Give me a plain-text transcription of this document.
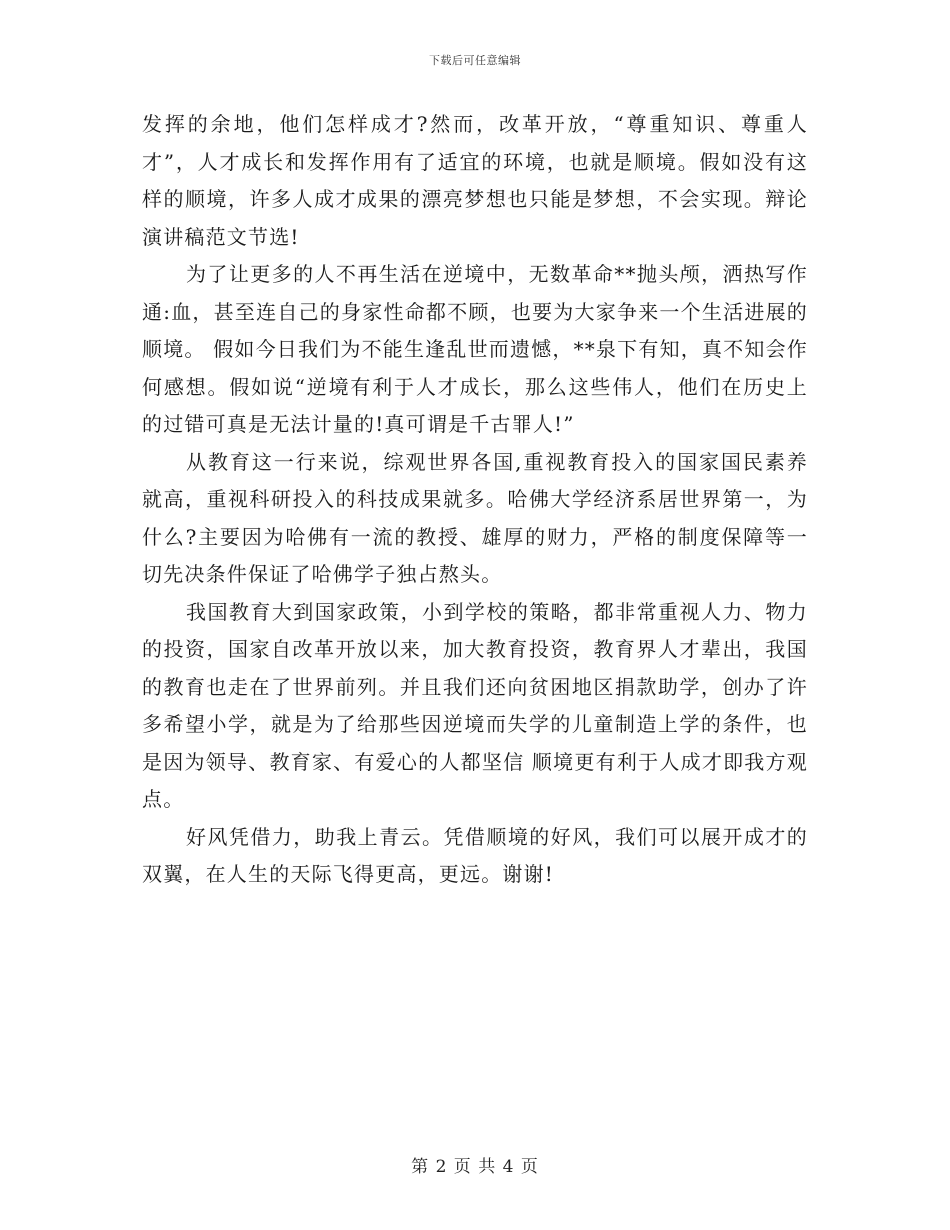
下载后可任意编辑

发挥的余地，他们怎样成才?然而，改革开放，“尊重知识、尊重人才”，人才成长和发挥作用有了适宜的环境，也就是顺境。假如没有这样的顺境，许多人成才成果的漂亮梦想也只能是梦想，不会实现。辩论演讲稿范文节选!

为了让更多的人不再生活在逆境中，无数革命**抛头颅，洒热写作通:血，甚至连自己的身家性命都不顾，也要为大家争来一个生活进展的顺境。 假如今日我们为不能生逢乱世而遗憾，**泉下有知，真不知会作何感想。假如说“逆境有利于人才成长，那么这些伟人，他们在历史上的过错可真是无法计量的!真可谓是千古罪人!”

从教育这一行来说，综观世界各国,重视教育投入的国家国民素养就高，重视科研投入的科技成果就多。哈佛大学经济系居世界第一，为什么?主要因为哈佛有一流的教授、雄厚的财力，严格的制度保障等一切先决条件保证了哈佛学子独占熬头。

我国教育大到国家政策，小到学校的策略，都非常重视人力、物力的投资，国家自改革开放以来，加大教育投资，教育界人才辈出，我国的教育也走在了世界前列。并且我们还向贫困地区捐款助学，创办了许多希望小学，就是为了给那些因逆境而失学的儿童制造上学的条件，也是因为领导、教育家、有爱心的人都坚信 顺境更有利于人成才即我方观点。

好风凭借力，助我上青云。凭借顺境的好风，我们可以展开成才的双翼，在人生的天际飞得更高，更远。谢谢!

第 2 页 共 4 页
